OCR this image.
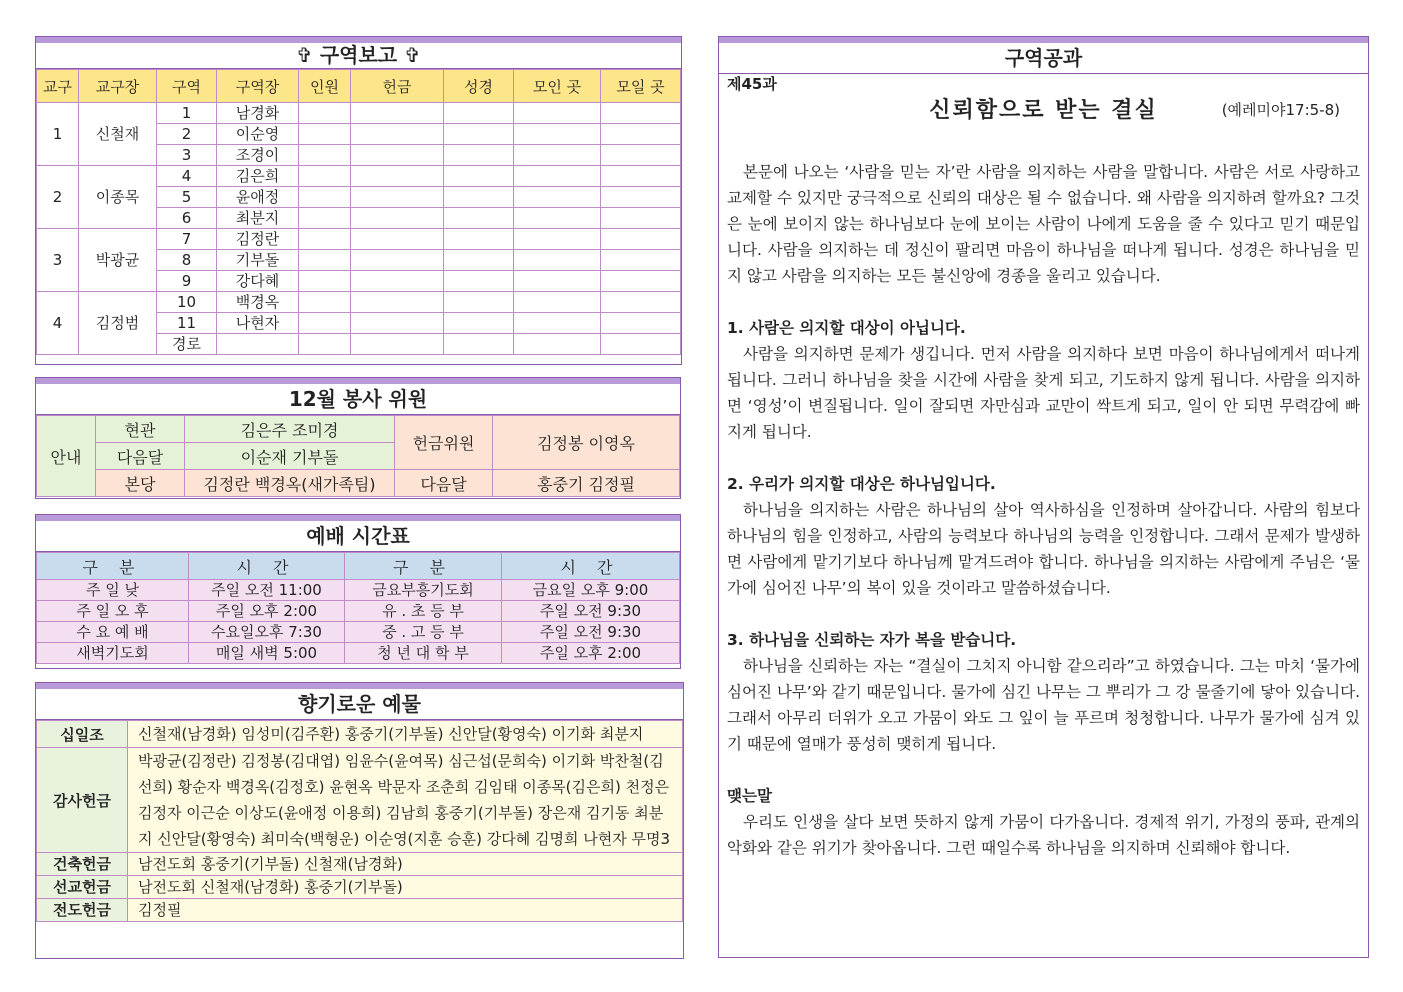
✞ 구역보고 ✞
교구	교구장	구역	구역장	인원	헌금	성경	모인 곳	모일 곳
1	신철재	1	남경화					
		2	이순영					
		3	조경이					
2	이종목	4	김은희					
		5	윤애정					
		6	최분지					
3	박광균	7	김정란					
		8	기부돌					
		9	강다혜					
4	김정범	10	백경옥					
		11	나현자					
		경로						
12월 봉사 위원
안내	현관	김은주 조미경	헌금위원	김정봉 이영옥
	다음달	이순재 기부돌		
	본당	김정란 백경옥(새가족팀)	다음달	홍중기 김정필
예배 시간표
구 분	시 간	구 분	시 간
주 일 낮	주일 오전 11:00	금요부흥기도회	금요일 오후 9:00
주 일 오 후	주일 오후 2:00	유 . 초 등 부	주일 오전 9:30
수 요 예 배	수요일오후 7:30	중 . 고 등 부	주일 오전 9:30
새벽기도회	매일 새벽 5:00	청 년 대 학 부	주일 오후 2:00
향기로운 예물
십일조	신철재(남경화) 임성미(김주환) 홍중기(기부돌) 신안달(황영숙) 이기화 최분지
감사헌금	박광균(김정란) 김정봉(김대엽) 임윤수(윤여목) 심근섭(문희숙) 이기화 박찬철(김선희) 황순자 백경옥(김정호) 윤현옥 박문자 조춘희 김임태 이종목(김은희) 천정은 김정자 이근순 이상도(윤애정 이용희) 김남희 홍중기(기부돌) 장은재 김기동 최분지 신안달(황영숙) 최미숙(백형운) 이순영(지훈 승훈) 강다혜 김명희 나현자 무명3
건축헌금	남전도회 홍중기(기부돌) 신철재(남경화)
선교헌금	남전도회 신철재(남경화) 홍중기(기부돌)
전도헌금	김정필
구역공과
제45과
신뢰함으로 받는 결실	(예레미야17:5-8)

본문에 나오는 ‘사람을 믿는 자’란 사람을 의지하는 사람을 말합니다. 사람은 서로 사랑하고 교제할 수 있지만 궁극적으로 신뢰의 대상은 될 수 없습니다. 왜 사람을 의지하려 할까요? 그것은 눈에 보이지 않는 하나님보다 눈에 보이는 사람이 나에게 도움을 줄 수 있다고 믿기 때문입니다. 사람을 의지하는 데 정신이 팔리면 마음이 하나님을 떠나게 됩니다. 성경은 하나님을 믿지 않고 사람을 의지하는 모든 불신앙에 경종을 울리고 있습니다.

1. 사람은 의지할 대상이 아닙니다.

사람을 의지하면 문제가 생깁니다. 먼저 사람을 의지하다 보면 마음이 하나님에게서 떠나게 됩니다. 그러니 하나님을 찾을 시간에 사람을 찾게 되고, 기도하지 않게 됩니다. 사람을 의지하면 ‘영성’이 변질됩니다. 일이 잘되면 자만심과 교만이 싹트게 되고, 일이 안 되면 무력감에 빠지게 됩니다.

2. 우리가 의지할 대상은 하나님입니다.

하나님을 의지하는 사람은 하나님의 살아 역사하심을 인정하며 살아갑니다. 사람의 힘보다 하나님의 힘을 인정하고, 사람의 능력보다 하나님의 능력을 인정합니다. 그래서 문제가 발생하면 사람에게 맡기기보다 하나님께 맡겨드려야 합니다. 하나님을 의지하는 사람에게 주님은 ‘물가에 심어진 나무’의 복이 있을 것이라고 말씀하셨습니다.

3. 하나님을 신뢰하는 자가 복을 받습니다.

하나님을 신뢰하는 자는 “결실이 그치지 아니함 같으리라”고 하였습니다. 그는 마치 ‘물가에 심어진 나무’와 같기 때문입니다. 물가에 심긴 나무는 그 뿌리가 그 강 물줄기에 닿아 있습니다. 그래서 아무리 더위가 오고 가뭄이 와도 그 잎이 늘 푸르며 청청합니다. 나무가 물가에 심겨 있기 때문에 열매가 풍성히 맺히게 됩니다.

맺는말

우리도 인생을 살다 보면 뜻하지 않게 가뭄이 다가옵니다. 경제적 위기, 가정의 풍파, 관계의 악화와 같은 위기가 찾아옵니다. 그런 때일수록 하나님을 의지하며 신뢰해야 합니다.
